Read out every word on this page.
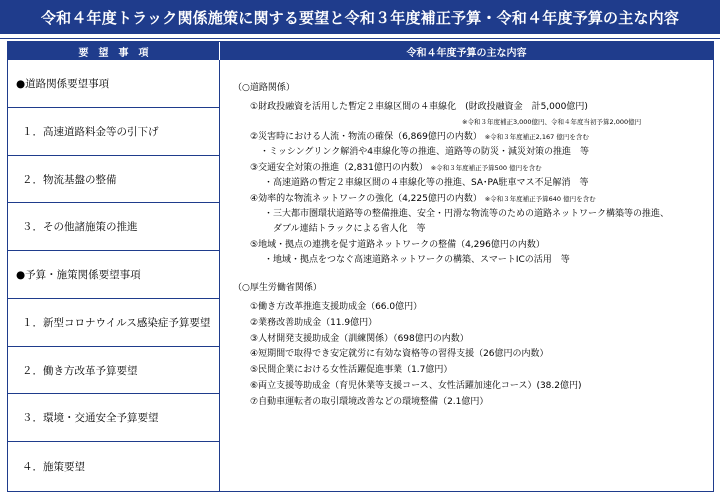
令和４年度トラック関係施策に関する要望と令和３年度補正予算・令和４年度予算の主な内容
要　望　事　項	令和４年度予算の主な内容
●道路関係要望事項
１．高速道路料金等の引下げ
２．物流基盤の整備
３．その他諸施策の推進
●予算・施策関係要望事項
１．新型コロナウイルス感染症予算要望
２．働き方改革予算要望
３．環境・交通安全予算要望
４．施策要望
（○道路関係）
①財政投融資を活用した暫定２車線区間の４車線化　(財政投融資金　計5,000億円)
※令和３年度補正3,000億円、令和４年度当初予算2,000億円
②災害時における人流・物流の確保（6,869億円の内数） ※令和３年度補正2,167 億円を含む
・ミッシングリンク解消や4車線化等の推進、道路等の防災・減災対策の推進　等
③交通安全対策の推進（2,831億円の内数） ※令和３年度補正予算500 億円を含む
・高速道路の暫定２車線区間の４車線化等の推進、SA･PA駐車マス不足解消　等
④効率的な物流ネットワークの強化（4,225億円の内数） ※令和３年度補正予算640 億円を含む
・三大都市圏環状道路等の整備推進、安全・円滑な物流等のための道路ネットワーク構築等の推進、
ダブル連結トラックによる省人化　等
⑤地域・拠点の連携を促す道路ネットワークの整備（4,296億円の内数）
・地域・拠点をつなぐ高速道路ネットワークの構築、スマートICの活用　等
（○厚生労働省関係）
①働き方改革推進支援助成金（66.0億円）
②業務改善助成金（11.9億円）
③人材開発支援助成金（訓練関係）（698億円の内数）
④短期間で取得でき安定就労に有効な資格等の習得支援（26億円の内数）
⑤民間企業における女性活躍促進事業（1.7億円）
⑥両立支援等助成金（育児休業等支援コース、女性活躍加速化コース）(38.2億円)
⑦自動車運転者の取引環境改善などの環境整備（2.1億円）
